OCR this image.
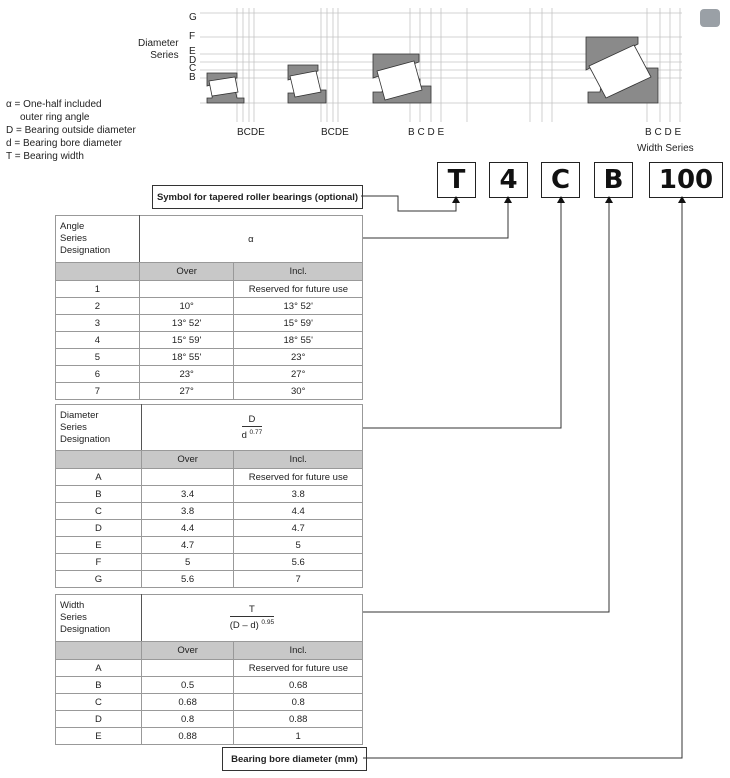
Diameter
Series
G
F
E
D
C
B
BCDE	BCDE	B C D E	B C D E
Width Series
α = One-half included
outer ring angle
D = Bearing outside diameter
d = Bearing bore diameter
T = Bearing width
T	4	C	B	100
Symbol for tapered roller bearings (optional)
Bearing bore diameter (mm)
Angle
Series
Designation	α	
	Over	Incl.
1		Reserved for future use
2	10°	13° 52'
3	13° 52'	15° 59'
4	15° 59'	18° 55'
5	18° 55'	23°
6	23°	27°
7	27°	30°
Diameter
Series
Designation	$\frac{D}{d ^{0.77}}$

	Over	Incl.
A		Reserved for future use
B	3.4	3.8
C	3.8	4.4
D	4.4	4.7
E	4.7	5
F	5	5.6
G	5.6	7
Width
Series
Designation	$\frac{T}{(D - d) ^{0.95}}$

	Over	Incl.
A		Reserved for future use
B	0.5	0.68
C	0.68	0.8
D	0.8	0.88
E	0.88	1
